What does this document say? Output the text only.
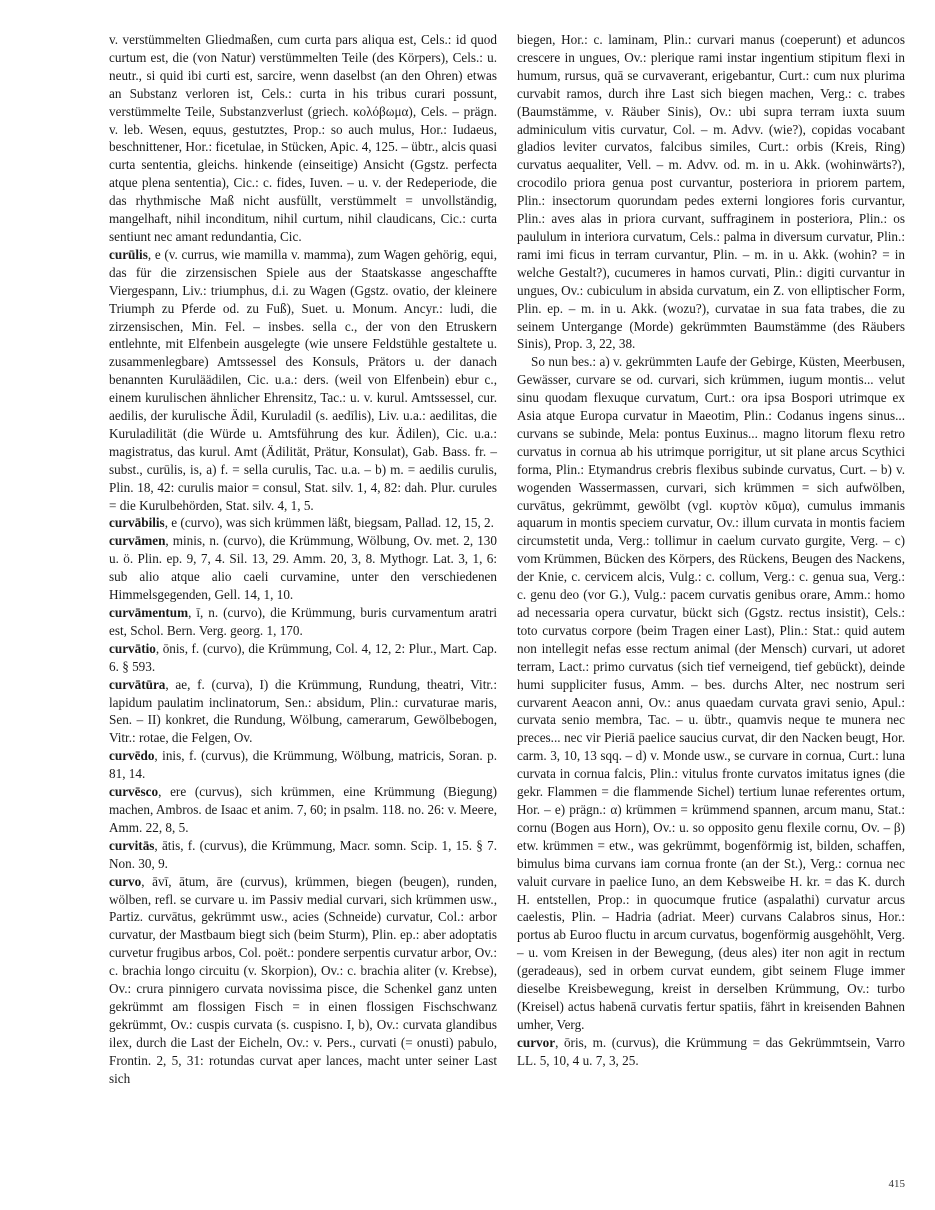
v. verstümmelten Gliedmaßen, cum curta pars aliqua est, Cels.: id quod curtum est, die (von Natur) verstümmelten Teile (des Körpers), Cels.: u. neutr., si quid ibi curti est, sarcire, wenn daselbst (an den Ohren) etwas an Substanz verloren ist, Cels.: curta in his tribus curari possunt, verstümmelte Teile, Substanzverlust (griech. κολόβωμα), Cels. – prägn. v. leb. Wesen, equus, gestutztes, Prop.: so auch mulus, Hor.: Iudaeus, beschnittener, Hor.: ficetulae, in Stücken, Apic. 4, 125. – übtr., alcis quasi curta sententia, gleichs. hinkende (einseitige) Ansicht (Ggstz. perfecta atque plena sententia), Cic.: c. fides, Iuven. – u. v. der Redeperiode, die das rhythmische Maß nicht ausfüllt, verstümmelt = unvollständig, mangelhaft, nihil inconditum, nihil curtum, nihil claudicans, Cic.: curta sentiunt nec amant redundantia, Cic.

curūlis, e (v. currus, wie mamilla v. mamma), zum Wagen gehörig, equi, das für die zirzensischen Spiele aus der Staatskasse angeschaffte Viergespann, Liv.: triumphus, d.i. zu Wagen (Ggstz. ovatio, der kleinere Triumph zu Pferde od. zu Fuß), Suet. u. Monum. Ancyr.: ludi, die zirzensischen, Min. Fel. – insbes. sella c., der von den Etruskern entlehnte, mit Elfenbein ausgelegte (wie unsere Feldstühle gestaltete u. zusammenlegbare) Amtssessel des Konsuls, Prätors u. der danach benannten Kuruläädilen, Cic. u.a.: ders. (weil von Elfenbein) ebur c., einem kurulischen ähnlicher Ehrensitz, Tac.: u. v. kurul. Amtssessel, cur. aedilis, der kurulische Ädil, Kuruladil (s. aedīlis), Liv. u.a.: aedilitas, die Kuruladilität (die Würde u. Amtsführung des kur. Ädilen), Cic. u.a.: magistratus, das kurul. Amt (Ädilität, Prätur, Konsulat), Gab. Bass. fr. – subst., curūlis, is, a) f. = sella curulis, Tac. u.a. – b) m. = aedilis curulis, Plin. 18, 42: curulis maior = consul, Stat. silv. 1, 4, 82: dah. Plur. curules = die Kurulbehörden, Stat. silv. 4, 1, 5.

curvābilis, e (curvo), was sich krümmen läßt, biegsam, Pallad. 12, 15, 2.

curvāmen, minis, n. (curvo), die Krümmung, Wölbung, Ov. met. 2, 130 u. ö. Plin. ep. 9, 7, 4. Sil. 13, 29. Amm. 20, 3, 8. Mythogr. Lat. 3, 1, 6: sub alio atque alio caeli curvamine, unter den verschiedenen Himmelsgegenden, Gell. 14, 1, 10.

curvāmentum, ī, n. (curvo), die Krümmung, buris curvamentum aratri est, Schol. Bern. Verg. georg. 1, 170.

curvātio, ōnis, f. (curvo), die Krümmung, Col. 4, 12, 2: Plur., Mart. Cap. 6. § 593.

curvātūra, ae, f. (curva), I) die Krümmung, Rundung, theatri, Vitr.: lapidum paulatim inclinatorum, Sen.: absidum, Plin.: curvaturae maris, Sen. – II) konkret, die Rundung, Wölbung, camerarum, Gewölbebogen, Vitr.: rotae, die Felgen, Ov.

curvēdo, inis, f. (curvus), die Krümmung, Wölbung, matricis, Soran. p. 81, 14.

curvēsco, ere (curvus), sich krümmen, eine Krümmung (Biegung) machen, Ambros. de Isaac et anim. 7, 60; in psalm. 118. no. 26: v. Meere, Amm. 22, 8, 5.

curvitās, ātis, f. (curvus), die Krümmung, Macr. somn. Scip. 1, 15. § 7. Non. 30, 9.

curvo, āvī, ātum, āre (curvus), krümmen, biegen (beugen), runden, wölben, refl. se curvare u. im Passiv medial curvari, sich krümmen usw., Partiz. curvātus, gekrümmt usw., acies (Schneide) curvatur, Col.: arbor curvatur, der Mastbaum biegt sich (beim Sturm), Plin. ep.: aber adoptatis curvetur frugibus arbos, Col. poët.: pondere serpentis curvatur arbor, Ov.: c. brachia longo circuitu (v. Skorpion), Ov.: c. brachia aliter (v. Krebse), Ov.: crura pinnigero curvata novissima pisce, die Schenkel ganz unten gekrümmt am flossigen Fisch = in einen flossigen Fischschwanz gekrümmt, Ov.: cuspis curvata (s. cuspisno. I, b), Ov.: curvata glandibus ilex, durch die Last der Eicheln, Ov.: v. Pers., curvati (= onusti) pabulo, Frontin. 2, 5, 31: rotundas curvat aper lances, macht unter seiner Last sich

biegen, Hor.: c. laminam, Plin.: curvari manus (coeperunt) et aduncos crescere in ungues, Ov.: plerique rami instar ingentium stipitum flexi in humum, rursus, quā se curvaverant, erigebantur, Curt.: cum nux plurima curvabit ramos, durch ihre Last sich biegen machen, Verg.: c. trabes (Baumstämme, v. Räuber Sinis), Ov.: ubi supra terram iuxta suum adminiculum vitis curvatur, Col. – m. Advv. (wie?), copidas vocabant gladios leviter curvatos, falcibus similes, Curt.: orbis (Kreis, Ring) curvatus aequaliter, Vell. – m. Advv. od. m. in u. Akk. (wohinwärts?), crocodilo priora genua post curvantur, posteriora in priorem partem, Plin.: insectorum quorundam pedes externi longiores foris curvantur, Plin.: aves alas in priora curvant, suffraginem in posteriora, Plin.: os paululum in interiora curvatum, Cels.: palma in diversum curvatur, Plin.: rami imi ficus in terram curvantur, Plin. – m. in u. Akk. (wohin? = in welche Gestalt?), cucumeres in hamos curvati, Plin.: digiti curvantur in ungues, Ov.: cubiculum in absida curvatum, ein Z. von elliptischer Form, Plin. ep. – m. in u. Akk. (wozu?), curvatae in sua fata trabes, die zu seinem Untergange (Morde) gekrümmten Baumstämme (des Räubers Sinis), Prop. 3, 22, 38.

So nun bes.: a) v. gekrümmten Laufe der Gebirge, Küsten, Meerbusen, Gewässer, curvare se od. curvari, sich krümmen, iugum montis... velut sinu quodam flexuque curvatum, Curt.: ora ipsa Bospori utrimque ex Asia atque Europa curvatur in Maeotim, Plin.: Codanus ingens sinus... curvans se subinde, Mela: pontus Euxinus... magno litorum flexu retro curvatus in cornua ab his utrimque porrigitur, ut sit plane arcus Scythici forma, Plin.: Etymandrus crebris flexibus subinde curvatus, Curt. – b) v. wogenden Wassermassen, curvari, sich krümmen = sich aufwölben, curvātus, gekrümmt, gewölbt (vgl. κυρτὸν κῦμα), cumulus immanis aquarum in montis speciem curvatur, Ov.: illum curvata in montis faciem circumstetit unda, Verg.: tollimur in caelum curvato gurgite, Verg. – c) vom Krümmen, Bücken des Körpers, des Rückens, Beugen des Nackens, der Knie, c. cervicem alcis, Vulg.: c. collum, Verg.: c. genua sua, Verg.: c. genu deo (vor G.), Vulg.: pacem curvatis genibus orare, Amm.: homo ad necessaria opera curvatur, bückt sich (Ggstz. rectus insistit), Cels.: toto curvatus corpore (beim Tragen einer Last), Plin.: Stat.: quid autem non intellegit nefas esse rectum animal (der Mensch) curvari, ut adoret terram, Lact.: primo curvatus (sich tief verneigend, tief gebückt), deinde humi suppliciter fusus, Amm. – bes. durchs Alter, nec nostrum seri curvarent Aeacon anni, Ov.: anus quaedam curvata gravi senio, Apul.: curvata senio membra, Tac. – u. übtr., quamvis neque te munera nec preces... nec vir Pieriā paelice saucius curvat, dir den Nacken beugt, Hor. carm. 3, 10, 13 sqq. – d) v. Monde usw., se curvare in cornua, Curt.: luna curvata in cornua falcis, Plin.: vitulus fronte curvatos imitatus ignes (die gekr. Flammen = die flammende Sichel) tertium lunae referentes ortum, Hor. – e) prägn.: α) krümmen = krümmend spannen, arcum manu, Stat.: cornu (Bogen aus Horn), Ov.: u. so opposito genu flexile cornu, Ov. – β) etw. krümmen = etw., was gekrümmt, bogenförmig ist, bilden, schaffen, bimulus bima curvans iam cornua fronte (an der St.), Verg.: cornua nec valuit curvare in paelice Iuno, an dem Kebsweibe H. kr. = das K. durch H. entstellen, Prop.: in quocumque frutice (aspalathi) curvatur arcus caelestis, Plin. – Hadria (adriat. Meer) curvans Calabros sinus, Hor.: portus ab Euroo fluctu in arcum curvatus, bogenförmig ausgehöhlt, Verg. – u. vom Kreisen in der Bewegung, (deus ales) iter non agit in rectum (geradeaus), sed in orbem curvat eundem, gibt seinem Fluge immer dieselbe Kreisbewegung, kreist in derselben Krümmung, Ov.: turbo (Kreisel) actus habenā curvatis fertur spatiis, fährt in kreisenden Bahnen umher, Verg.

curvor, ōris, m. (curvus), die Krümmung = das Gekrümmtsein, Varro LL. 5, 10, 4 u. 7, 3, 25.

415
